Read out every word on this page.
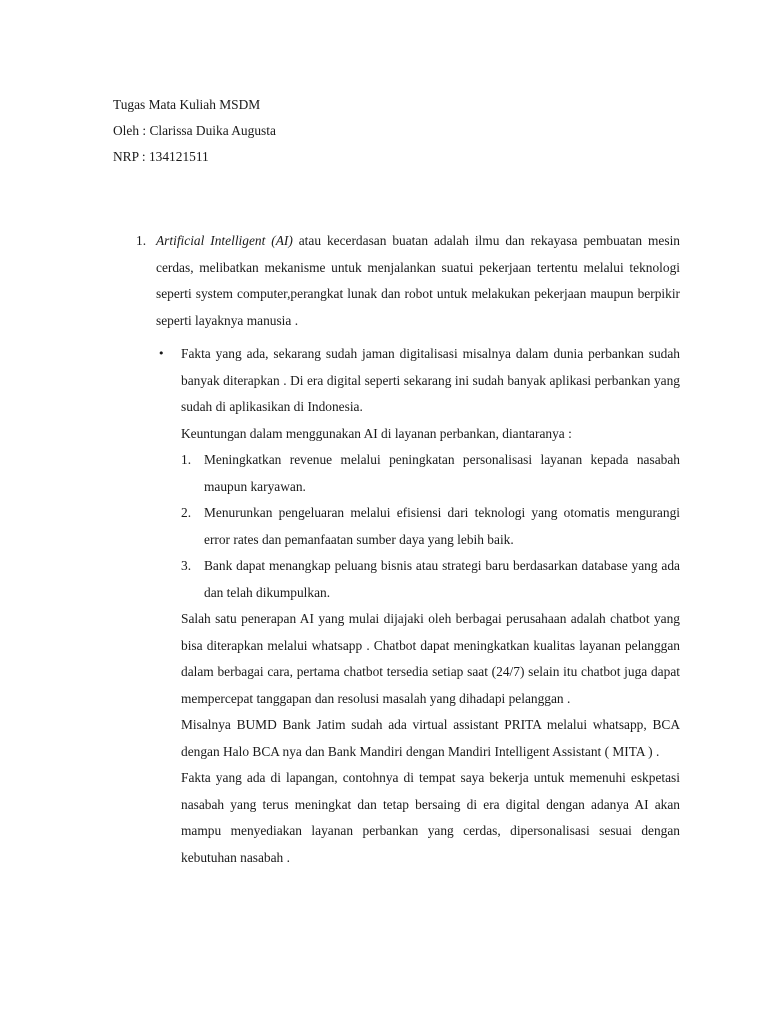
Tugas Mata Kuliah MSDM
Oleh : Clarissa Duika Augusta
NRP : 134121511
1. Artificial Intelligent (AI) atau kecerdasan buatan adalah ilmu dan rekayasa pembuatan mesin cerdas, melibatkan mekanisme untuk menjalankan suatui pekerjaan tertentu melalui teknologi seperti system computer,perangkat lunak dan robot untuk melakukan pekerjaan maupun berpikir seperti layaknya manusia .

• Fakta yang ada, sekarang sudah jaman digitalisasi misalnya dalam dunia perbankan sudah banyak diterapkan . Di era digital seperti sekarang ini sudah banyak aplikasi perbankan yang sudah di aplikasikan di Indonesia.

Keuntungan dalam menggunakan AI di layanan perbankan, diantaranya :

1. Meningkatkan revenue melalui peningkatan personalisasi layanan kepada nasabah maupun karyawan.
2. Menurunkan pengeluaran melalui efisiensi dari teknologi yang otomatis mengurangi error rates dan pemanfaatan sumber daya yang lebih baik.
3. Bank dapat menangkap peluang bisnis atau strategi baru berdasarkan database yang ada dan telah dikumpulkan.

Salah satu penerapan AI yang mulai dijajaki oleh berbagai perusahaan adalah chatbot yang bisa diterapkan melalui whatsapp . Chatbot dapat meningkatkan kualitas layanan pelanggan dalam berbagai cara, pertama chatbot tersedia setiap saat (24/7) selain itu chatbot juga dapat mempercepat tanggapan dan resolusi masalah yang dihadapi pelanggan .

Misalnya BUMD Bank Jatim sudah ada virtual assistant PRITA melalui whatsapp, BCA dengan Halo BCA nya dan Bank Mandiri dengan Mandiri Intelligent Assistant ( MITA ) .

Fakta yang ada di lapangan, contohnya di tempat saya bekerja untuk memenuhi eskpetasi nasabah yang terus meningkat dan tetap bersaing di era digital dengan adanya AI akan mampu menyediakan layanan perbankan yang cerdas, dipersonalisasi sesuai dengan kebutuhan nasabah .
